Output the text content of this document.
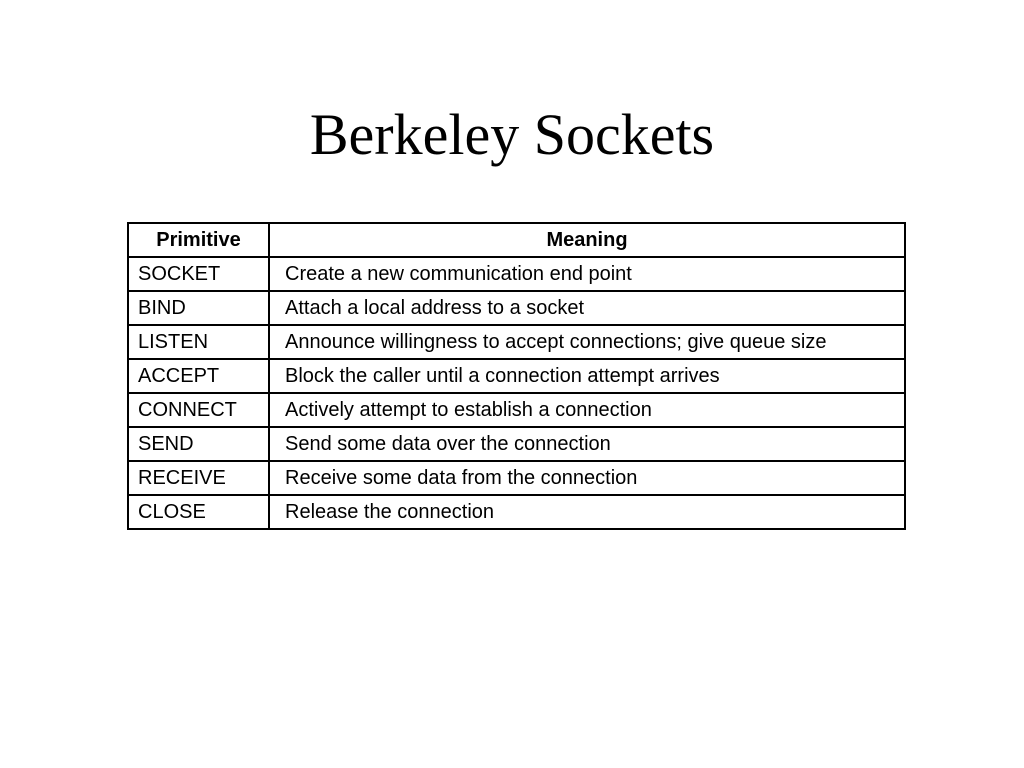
Berkeley Sockets
Primitive	Meaning
SOCKET	Create a new communication end point
BIND	Attach a local address to a socket
LISTEN	Announce willingness to accept connections; give queue size
ACCEPT	Block the caller until a connection attempt arrives
CONNECT	Actively attempt to establish a connection
SEND	Send some data over the connection
RECEIVE	Receive some data from the connection
CLOSE	Release the connection
